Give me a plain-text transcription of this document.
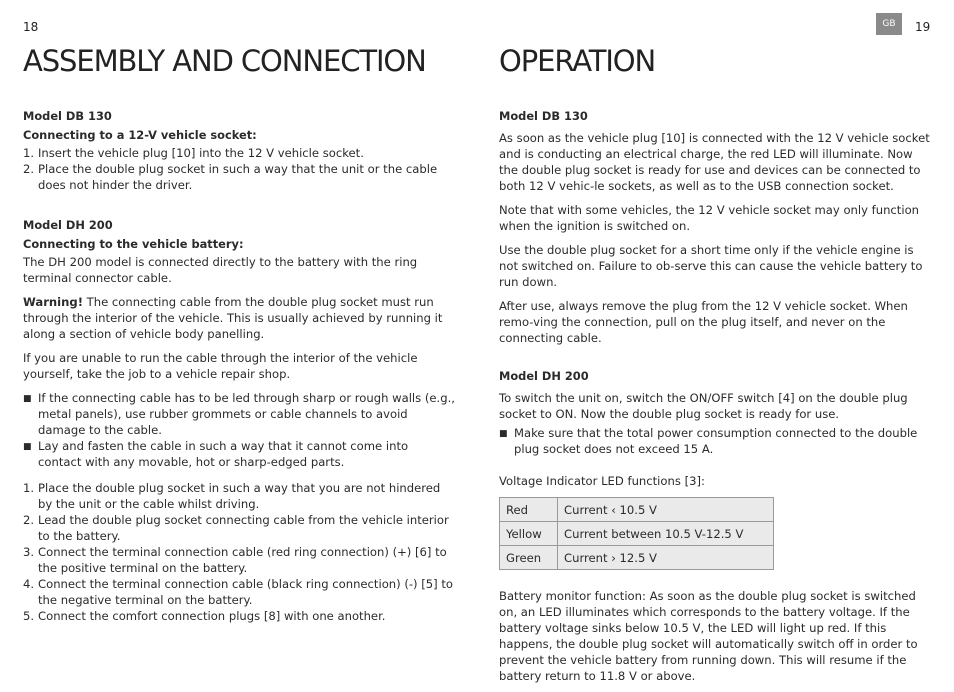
18	GB	19
ASSEMBLY AND CONNECTION
Model DB 130
Connecting to a 12-V vehicle socket:
1. Insert the vehicle plug [10] into the 12 V vehicle socket.
2. Place the double plug socket in such a way that the unit or the cable does not hinder the driver.
Model DH 200
Connecting to the vehicle battery:

The DH 200 model is connected directly to the battery with the ring terminal connector cable.

Warning! The connecting cable from the double plug socket must run through the interior of the vehicle. This is usually achieved by running it along a section of vehicle body panelling.

If you are unable to run the cable through the interior of the vehicle yourself, take the job to a vehicle repair shop.

■ If the connecting cable has to be led through sharp or rough walls (e.g., metal panels), use rubber grommets or cable channels to avoid damage to the cable.
■ Lay and fasten the cable in such a way that it cannot come into contact with any movable, hot or sharp-edged parts.
1. Place the double plug socket in such a way that you are not hindered by the unit or the cable whilst driving.
2. Lead the double plug socket connecting cable from the vehicle interior to the battery.
3. Connect the terminal connection cable (red ring connection) (+) [6] to the positive terminal on the battery.
4. Connect the terminal connection cable (black ring connection) (-) [5] to the negative terminal on the battery.
5. Connect the comfort connection plugs [8] with one another.
OPERATION
Model DB 130

As soon as the vehicle plug [10] is connected with the 12 V vehicle socket and is conducting an electrical charge, the red LED will illuminate. Now the double plug socket is ready for use and devices can be connected to both 12 V vehic-le sockets, as well as to the USB connection socket.

Note that with some vehicles, the 12 V vehicle socket may only function when the ignition is switched on.

Use the double plug socket for a short time only if the vehicle engine is not switched on. Failure to ob-serve this can cause the vehicle battery to run down.

After use, always remove the plug from the 12 V vehicle socket. When remo-ving the connection, pull on the plug itself, and never on the connecting cable.

Model DH 200

To switch the unit on, switch the ON/OFF switch [4] on the double plug socket to ON. Now the double plug socket is ready for use.

■ Make sure that the total power consumption connected to the double plug socket does not exceed 15 A.

Voltage Indicator LED functions [3]:

Red	Current ‹ 10.5 V
Yellow	Current between 10.5 V-12.5 V
Green	Current › 12.5 V

Battery monitor function: As soon as the double plug socket is switched on, an LED illuminates which corresponds to the battery voltage. If the battery voltage sinks below 10.5 V, the LED will light up red. If this happens, the double plug socket will automatically switch off in order to prevent the vehicle battery from running down. This will resume if the battery return to 11.8 V or above.
